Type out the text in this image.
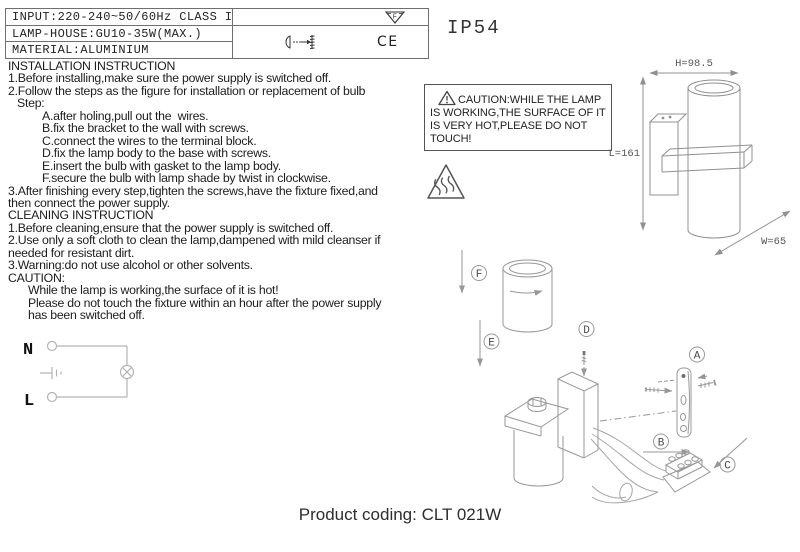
INPUT:220-240~50/60Hz CLASS I
LAMP-HOUSE:GU10-35W(MAX.)
MATERIAL:ALUMINIUM
F
CE
IP54
INSTALLATION INSTRUCTION
1.Before installing,make sure the power supply is switched off.
2.Follow the steps as the figure for installation or replacement of bulb
Step:
A.after holing,pull out the  wires.
B.fix the bracket to the wall with screws.
C.connect the wires to the terminal block.
D.fix the lamp body to the base with screws.
E.insert the bulb with gasket to the lamp body.
F.secure the bulb with lamp shade by twist in clockwise.
3.After finishing every step,tighten the screws,have the fixture fixed,and
then connect the power supply.
CLEANING INSTRUCTION
1.Before cleaning,ensure that the power supply is switched off.
2.Use only a soft cloth to clean the lamp,dampened with mild cleanser if
needed for resistant dirt.
3.Warning:do not use alcohol or other solvents.
CAUTION:
While the lamp is working,the surface of it is hot!
Please do not touch the fixture within an hour after the power supply
has been switched off.
CAUTION:WHILE THE LAMP IS WORKING,THE SURFACE OF IT IS VERY HOT,PLEASE DO NOT TOUCH!
N
L
H=98.5
L=161
W=65
F
E
D
A
B
C
Product coding: CLT 021W
